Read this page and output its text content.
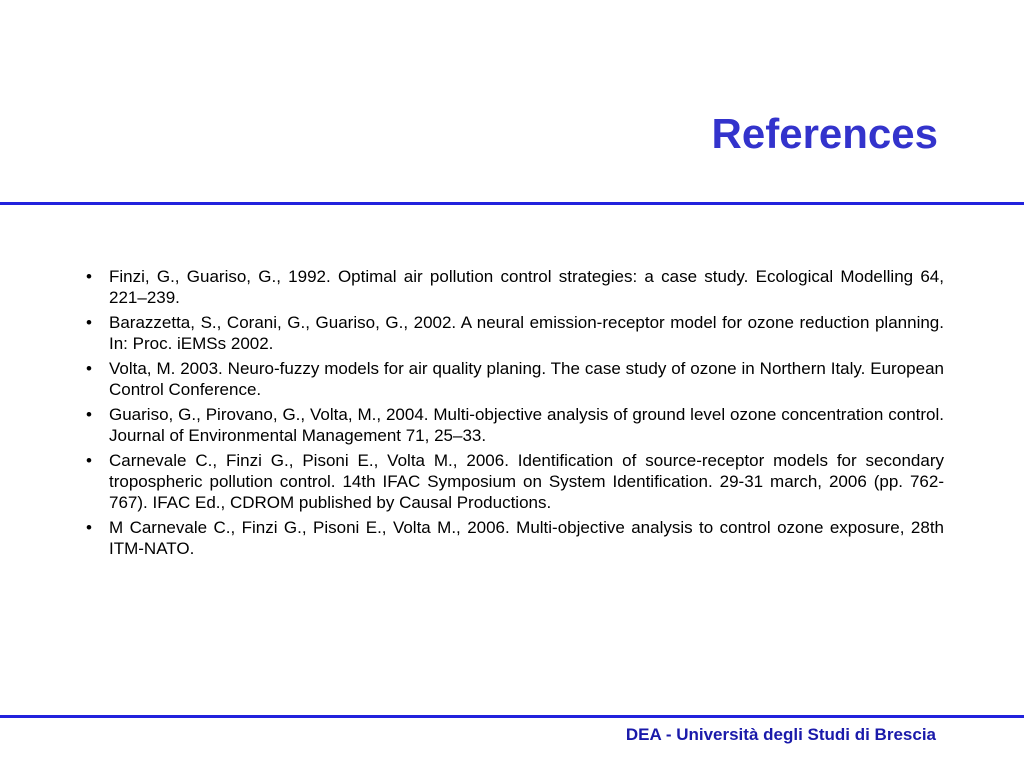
References
• Finzi, G., Guariso, G., 1992. Optimal air pollution control strategies: a case study. Ecological Modelling 64, 221–239.
• Barazzetta, S., Corani, G., Guariso, G., 2002. A neural emission-receptor model for ozone reduction planning. In: Proc. iEMSs 2002.
• Volta, M. 2003. Neuro-fuzzy models for air quality planing. The case study of ozone in Northern Italy. European Control Conference.
• Guariso, G., Pirovano, G., Volta, M., 2004. Multi-objective analysis of ground level ozone concentration control. Journal of Environmental Management 71, 25–33.
• Carnevale C., Finzi G., Pisoni E., Volta M., 2006. Identification of source-receptor models for secondary tropospheric pollution control. 14th IFAC Symposium on System Identification. 29-31 march, 2006 (pp. 762-767). IFAC Ed., CDROM published by Causal Productions.
• M Carnevale C., Finzi G., Pisoni E., Volta M., 2006. Multi-objective analysis to control ozone exposure, 28th ITM-NATO.
DEA - Università degli Studi di Brescia
